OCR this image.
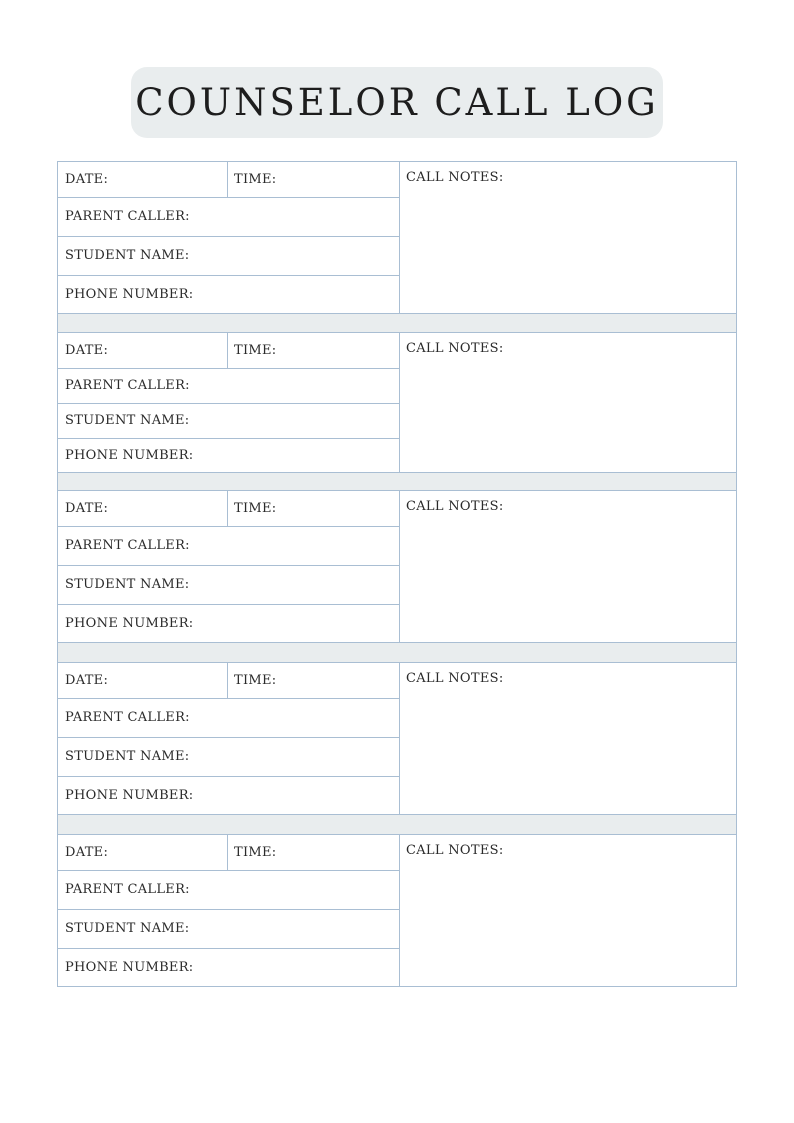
COUNSELOR CALL LOG
DATE:	TIME:
PARENT CALLER:
STUDENT NAME:
PHONE NUMBER:
CALL NOTES:
DATE:	TIME:
PARENT CALLER:
STUDENT NAME:
PHONE NUMBER:
CALL NOTES:
DATE:	TIME:
PARENT CALLER:
STUDENT NAME:
PHONE NUMBER:
CALL NOTES:
DATE:	TIME:
PARENT CALLER:
STUDENT NAME:
PHONE NUMBER:
CALL NOTES:
DATE:	TIME:
PARENT CALLER:
STUDENT NAME:
PHONE NUMBER:
CALL NOTES:
